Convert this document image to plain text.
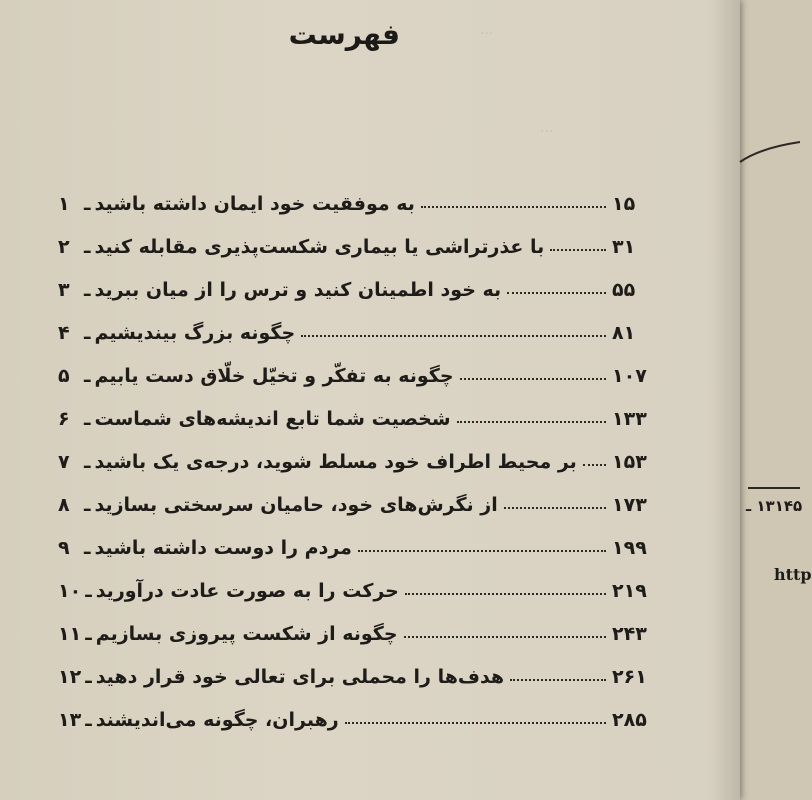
...
...
فهرست
۱ ـ به موفقیت خود ایمان داشته باشید	۱۵
۲ ـ با عذرتراشی یا بیماری شکست‌پذیری مقابله کنید	۳۱
۳ ـ به خود اطمینان کنید و ترس را از میان ببرید	۵۵
۴ ـ چگونه بزرگ بیندیشیم	۸۱
۵ ـ چگونه به تفکّر و تخیّل خلّاق دست یابیم	۱۰۷
۶ ـ شخصیت شما تابع اندیشه‌های شماست	۱۳۳
۷ ـ بر محیط اطراف خود مسلط شوید، درجه‌ی یک باشید ۱۵۳
۸ ـ از نگرش‌های خود، حامیان سرسختی بسازید	۱۷۳
۹ ـ مردم را دوست داشته باشید	۱۹۹
۱۰ ـ حرکت را به صورت عادت درآورید	۲۱۹
۱۱ ـ چگونه از شکست پیروزی بسازیم	۲۴۳
۱۲ ـ هدف‌ها را محملی برای تعالی خود قرار دهید	۲۶۱
۱۳ ـ رهبران، چگونه می‌اندیشند	۲۸۵
۱۳۱۴۵ ـ
http
